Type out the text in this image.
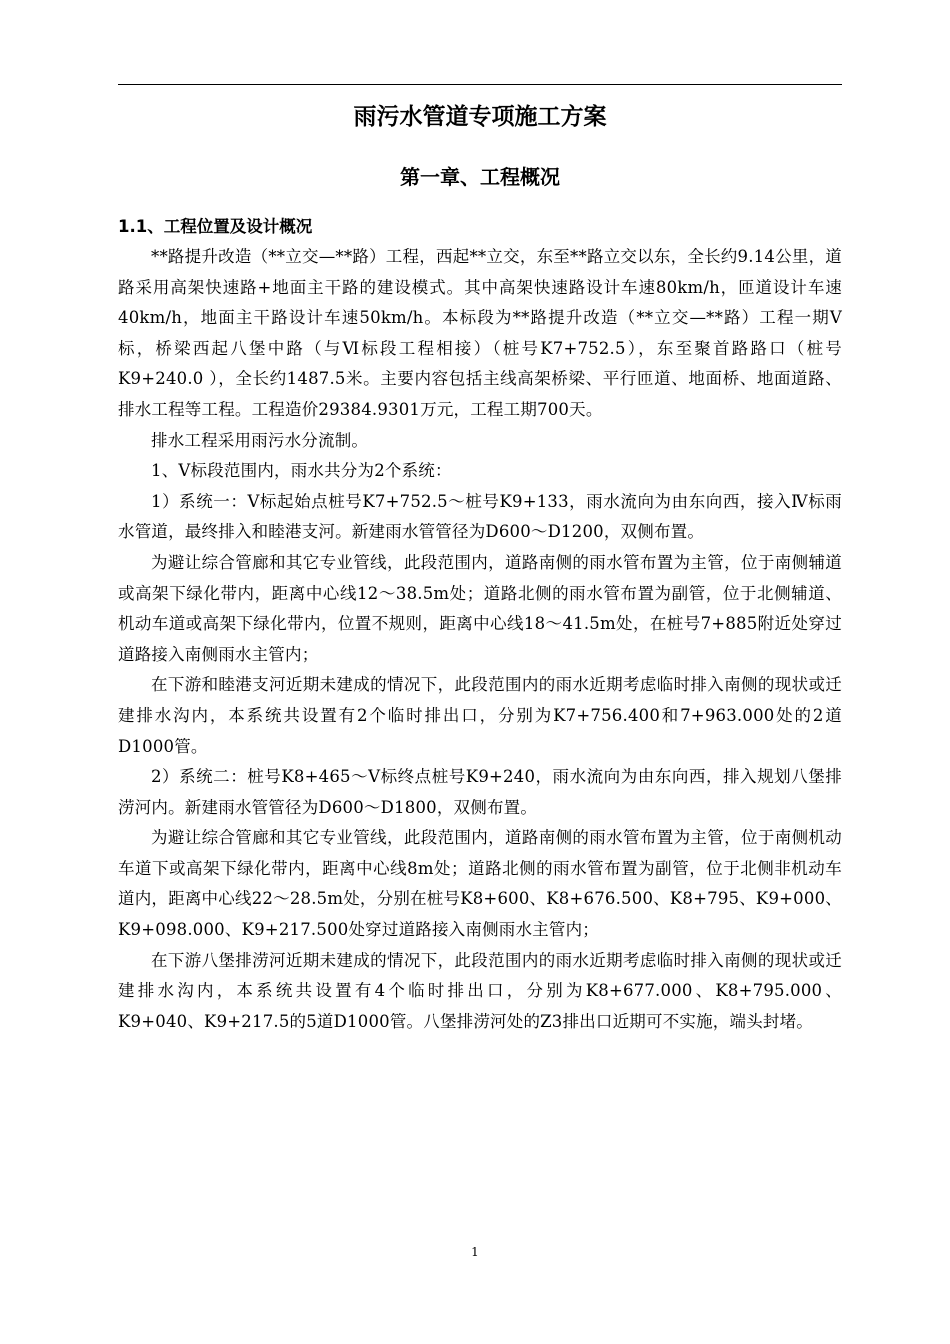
雨污水管道专项施工方案
第一章、工程概况
1.1、工程位置及设计概况

**路提升改造（**立交—**路）工程，西起**立交，东至**路立交以东，全长约9.14公里，道路采用高架快速路+地面主干路的建设模式。其中高架快速路设计车速80km/h，匝道设计车速 40km/h，地面主干路设计车速50km/h。本标段为**路提升改造（**立交—**路）工程一期Ⅴ标，桥梁西起八堡中路（与Ⅵ标段工程相接）（桩号K7+752.5），东至聚首路路口（桩号K9+240.0 ），全长约1487.5米。主要内容包括主线高架桥梁、平行匝道、地面桥、地面道路、排水工程等工程。工程造价29384.9301万元，工程工期700天。

排水工程采用雨污水分流制。

1、Ⅴ标段范围内，雨水共分为2个系统：

1）系统一：Ⅴ标起始点桩号K7+752.5～桩号K9+133，雨水流向为由东向西，接入Ⅳ标雨水管道，最终排入和睦港支河。新建雨水管管径为D600～D1200，双侧布置。

为避让综合管廊和其它专业管线，此段范围内，道路南侧的雨水管布置为主管，位于南侧辅道或高架下绿化带内，距离中心线12～38.5m处；道路北侧的雨水管布置为副管，位于北侧辅道、机动车道或高架下绿化带内，位置不规则，距离中心线18～41.5m处，在桩号7+885附近处穿过道路接入南侧雨水主管内；

在下游和睦港支河近期未建成的情况下，此段范围内的雨水近期考虑临时排入南侧的现状或迁建排水沟内，本系统共设置有2个临时排出口，分别为K7+756.400和7+963.000处的2道D1000管。

2）系统二：桩号K8+465～Ⅴ标终点桩号K9+240，雨水流向为由东向西，排入规划八堡排涝河内。新建雨水管管径为D600～D1800，双侧布置。

为避让综合管廊和其它专业管线，此段范围内，道路南侧的雨水管布置为主管，位于南侧机动车道下或高架下绿化带内，距离中心线8m处；道路北侧的雨水管布置为副管，位于北侧非机动车道内，距离中心线22～28.5m处，分别在桩号K8+600、K8+676.500、K8+795、K9+000、K9+098.000、K9+217.500处穿过道路接入南侧雨水主管内；

在下游八堡排涝河近期未建成的情况下，此段范围内的雨水近期考虑临时排入南侧的现状或迁建排水沟内，本系统共设置有4个临时排出口，分别为K8+677.000、K8+795.000、K9+040、K9+217.5的5道D1000管。八堡排涝河处的Z3排出口近期可不实施，端头封堵。

1
